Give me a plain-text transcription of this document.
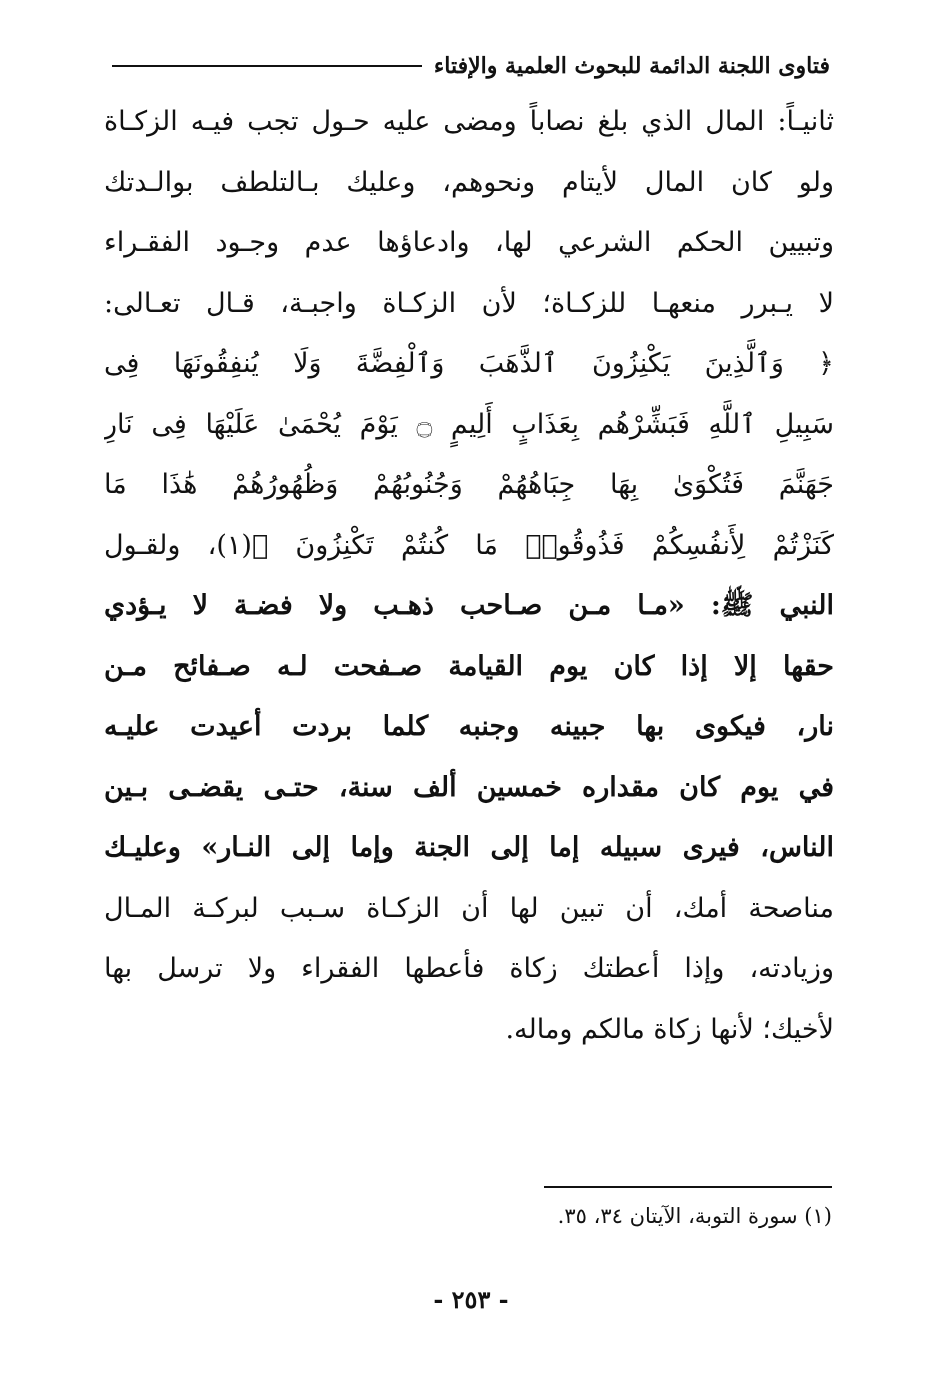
فتاوى اللجنة الدائمة للبحوث العلمية والإفتاء
ثانيـاً: المال الذي بلغ نصاباً ومضى عليه حـول تجب فيـه الزكـاة
ولو كان المال لأيتام ونحوهم، وعليك بـالتلطف بوالـدتك
وتبيين الحكم الشرعي لها، وادعاؤها عدم وجـود الفقـراء
لا يـبرر منعهـا للزكـاة؛ لأن الزكـاة واجبـة، قـال تعـالى:
﴿ وَٱلَّذِينَ يَكْنِزُونَ ٱلذَّهَبَ وَٱلْفِضَّةَ وَلَا يُنفِقُونَهَا فِى
سَبِيلِ ٱللَّهِ فَبَشِّرْهُم بِعَذَابٍ أَلِيمٍ ۝ يَوْمَ يُحْمَىٰ عَلَيْهَا فِى نَارِ
جَهَنَّمَ فَتُكْوَىٰ بِهَا جِبَاهُهُمْ وَجُنُوبُهُمْ وَظُهُورُهُمْ هَٰذَا مَا
كَنَزْتُمْ لِأَنفُسِكُمْ فَذُوقُوا۟ مَا كُنتُمْ تَكْنِزُونَ ﴾(١)، ولقـول
النبي ﷺ: «مـا مـن صـاحب ذهـب ولا فضـة لا يـؤدي
حقها إلا إذا كان يوم القيامة صـفحت لـه صـفائح مـن
نار، فيكوى بها جبينه وجنبه كلما بردت أعيدت عليـه
في يوم كان مقداره خمسين ألف سنة، حتـى يقضـى بـين
الناس، فيرى سبيله إما إلى الجنة وإما إلى النـار» وعليـك
مناصحة أمك، أن تبين لها أن الزكـاة سـبب لبركـة المـال
وزيادته، وإذا أعطتك زكاة فأعطها الفقراء ولا ترسل بها
لأخيك؛ لأنها زكاة مالكم وماله.
(١) سورة التوبة، الآيتان ٣٤، ٣٥.
- ٢٥٣ -
